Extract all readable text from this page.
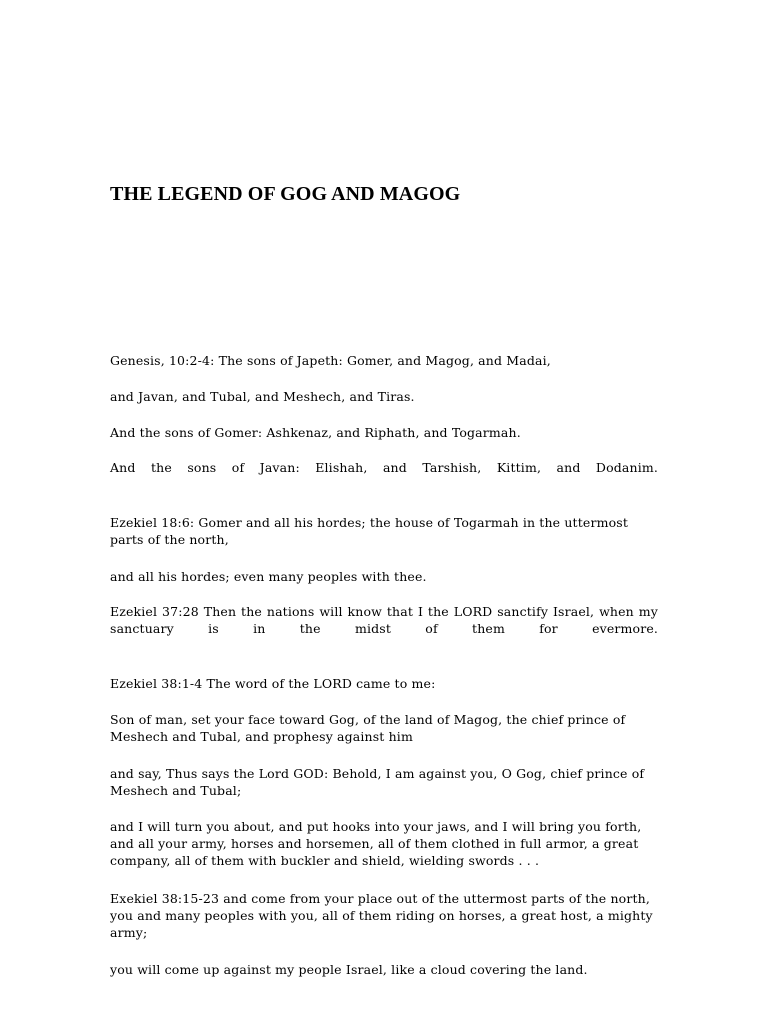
THE LEGEND OF GOG AND MAGOG

Genesis, 10:2-4: The sons of Japeth: Gomer, and Magog, and Madai,

and Javan, and Tubal, and Meshech, and Tiras.

And the sons of Gomer: Ashkenaz, and Riphath, and Togarmah.

And the sons of Javan: Elishah, and Tarshish, Kittim, and Dodanim.

Ezekiel 18:6: Gomer and all his hordes; the house of Togarmah in the uttermost parts of the north,

and all his hordes; even many peoples with thee.

Ezekiel 37:28 Then the nations will know that I the LORD sanctify Israel, when my sanctuary is in the midst of them for evermore.

Ezekiel 38:1-4 The word of the LORD came to me:

Son of man, set your face toward Gog, of the land of Magog, the chief prince of Meshech and Tubal, and prophesy against him

and say, Thus says the Lord GOD: Behold, I am against you, O Gog, chief prince of Meshech and Tubal;

and I will turn you about, and put hooks into your jaws, and I will bring you forth, and all your army, horses and horsemen, all of them clothed in full armor, a great company, all of them with buckler and shield, wielding swords . . .

Exekiel 38:15-23 and come from your place out of the uttermost parts of the north, you and many peoples with you, all of them riding on horses, a great host, a mighty army;

you will come up against my people Israel, like a cloud covering the land.
